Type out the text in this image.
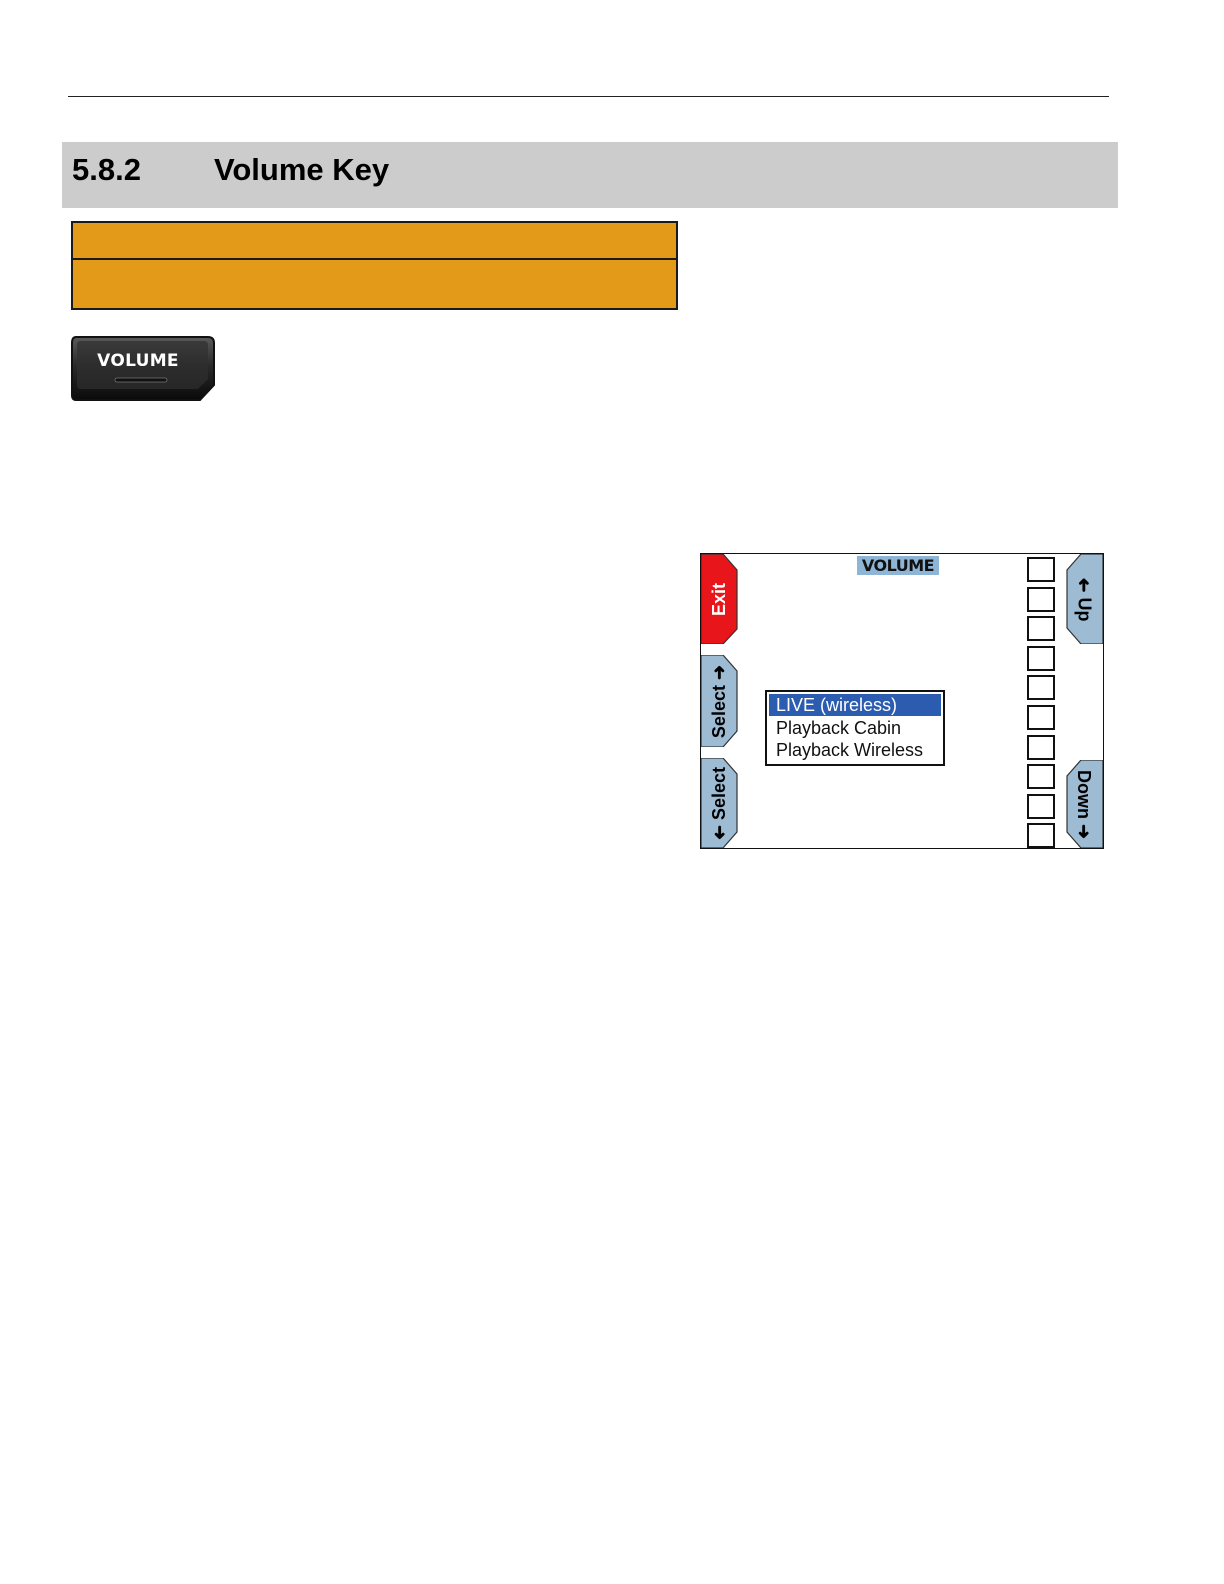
5.8.2 Volume Key
VOLUME
VOLUME
Exit
Select ➜
➜ Select
➜ Up
Down ➜
LIVE (wireless)
Playback Cabin
Playback Wireless
